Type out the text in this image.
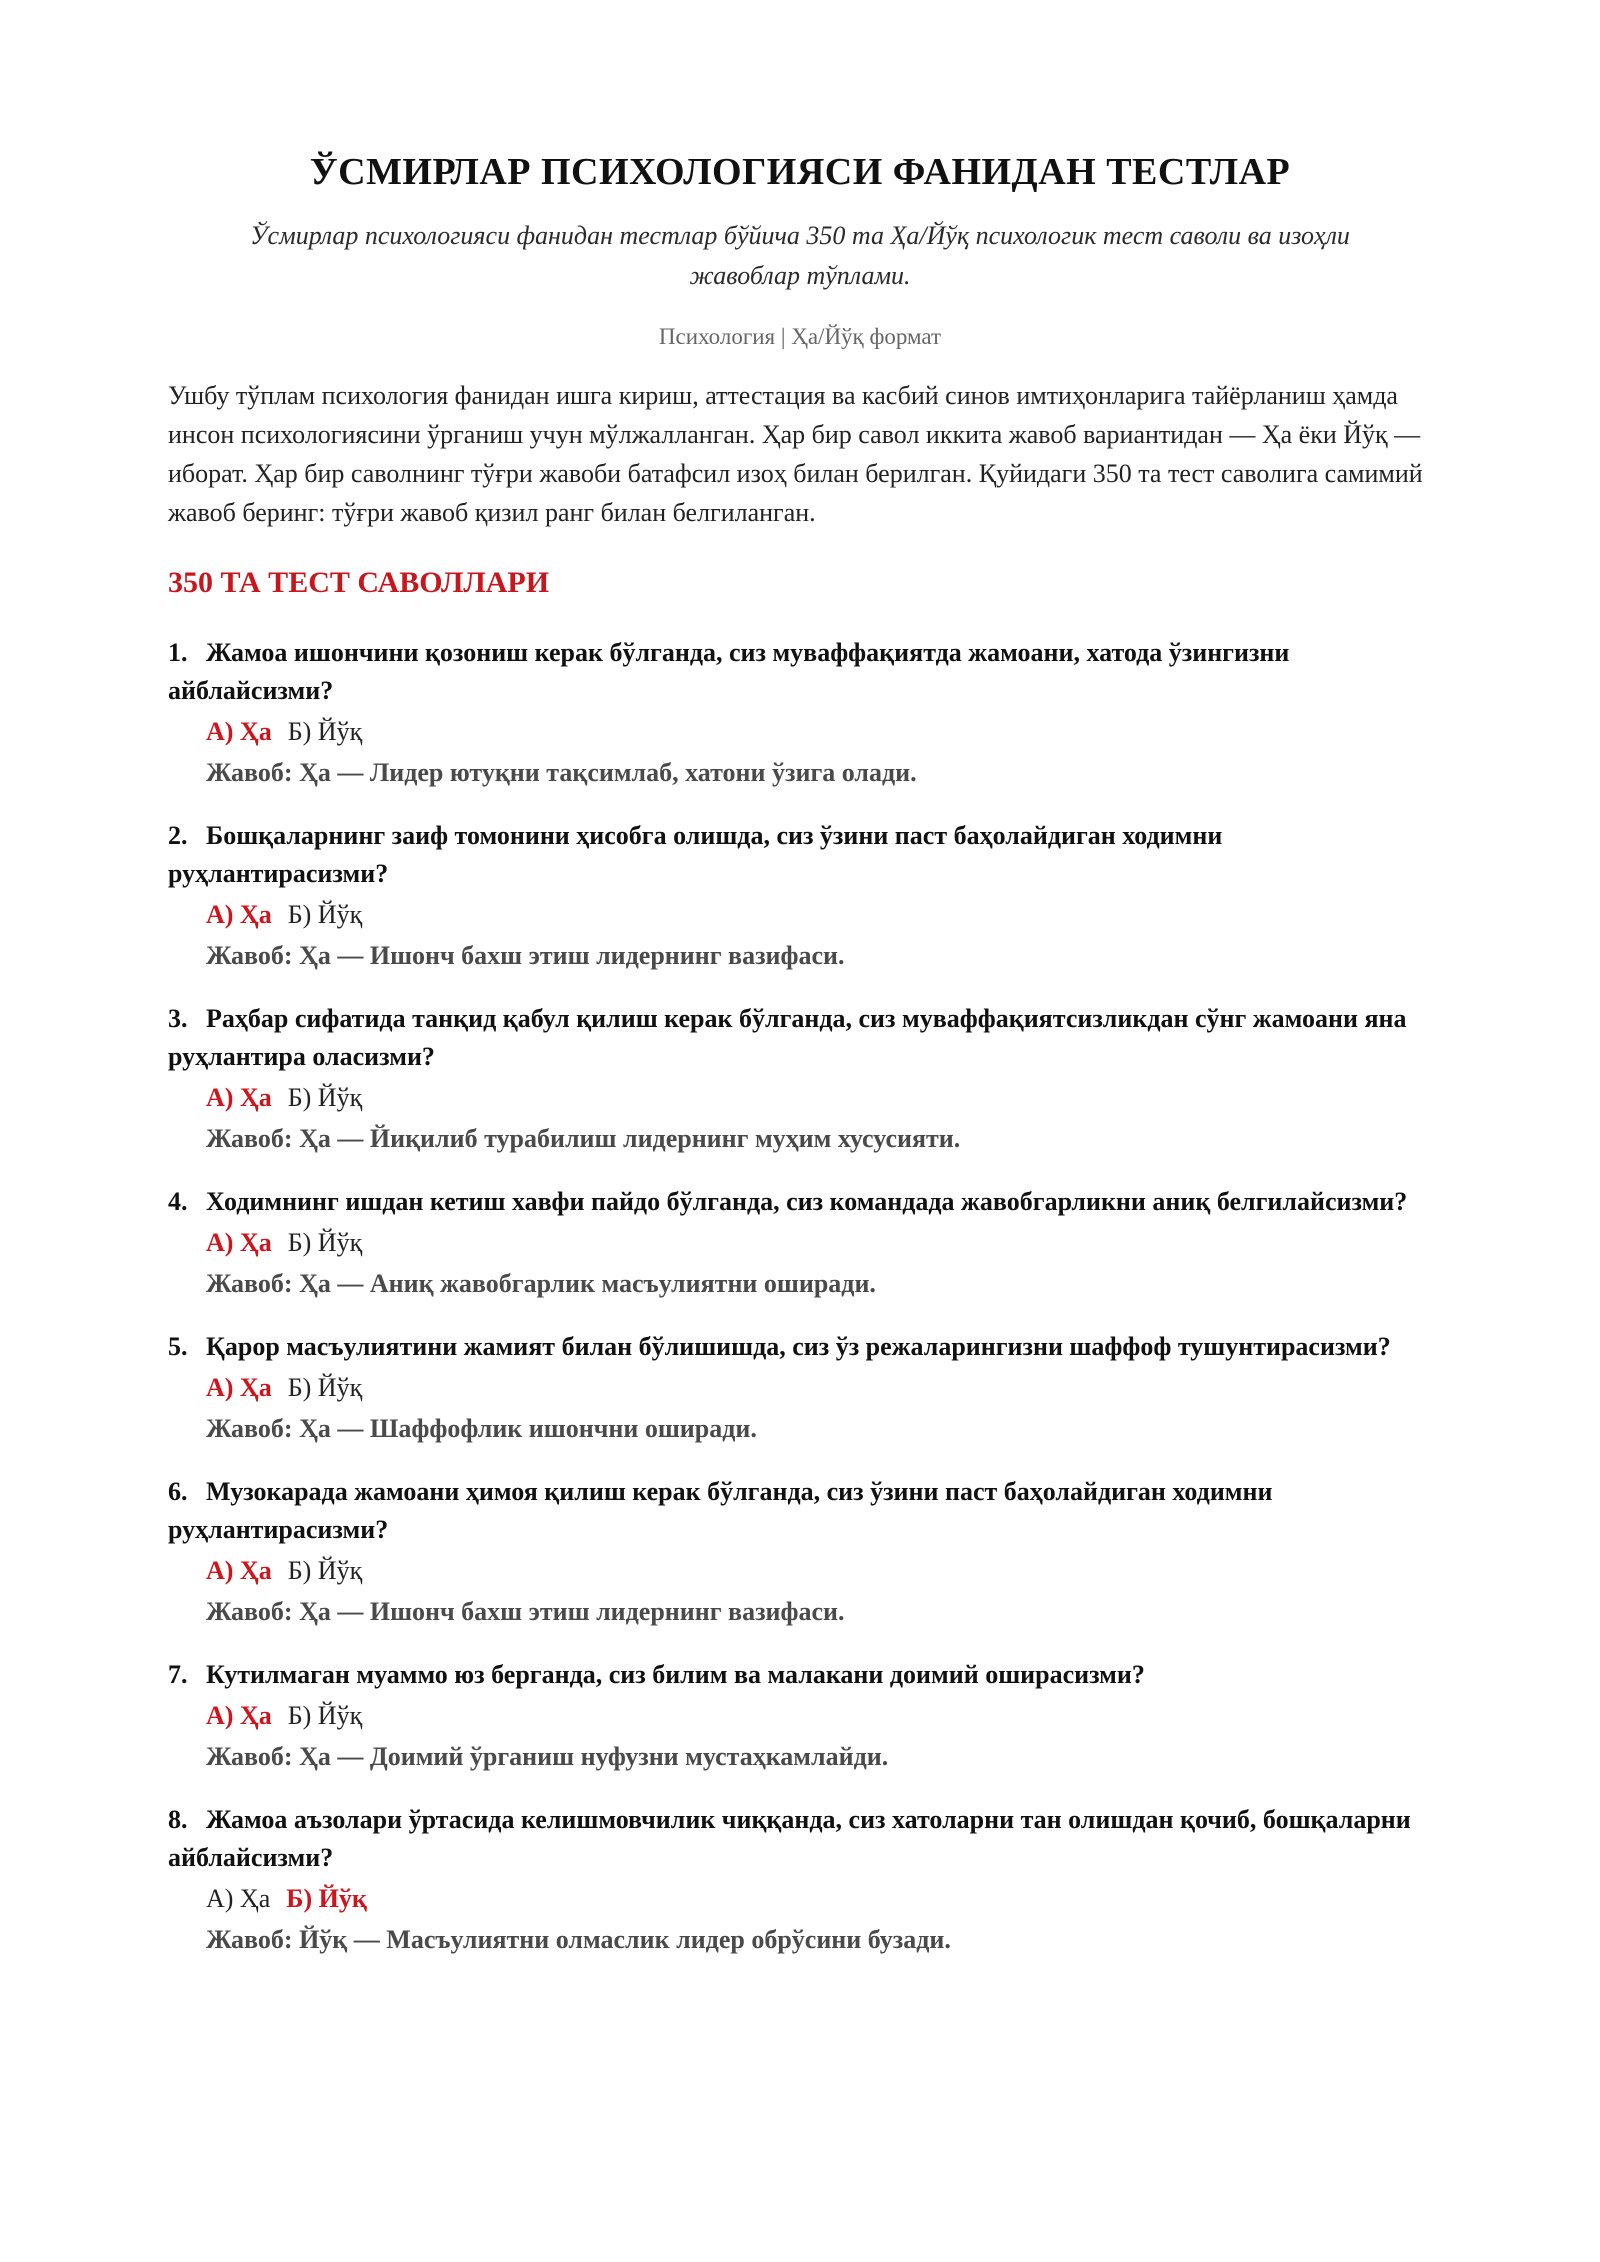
ЎСМИРЛАР ПСИХОЛОГИЯСИ ФАНИДАН ТЕСТЛАР
Ўсмирлар психологияси фанидан тестлар бўйича 350 та Ҳа/Йўқ психологик тест саволи ва изоҳли жавоблар тўплами.
Психология | Ҳа/Йўқ формат
Ушбу тўплам психология фанидан ишга кириш, аттестация ва касбий синов имтиҳонларига тайёрланиш ҳамда инсон психологиясини ўрганиш учун мўлжалланган. Ҳар бир савол иккита жавоб вариантидан — Ҳа ёки Йўқ — иборат. Ҳар бир саволнинг тўғри жавоби батафсил изоҳ билан берилган. Қуйидаги 350 та тест саволига самимий жавоб беринг: тўғри жавоб қизил ранг билан белгиланган.
350 ТА ТЕСТ САВОЛЛАРИ
1. Жамоа ишончини қозониш керак бўлганда, сиз муваффақиятда жамоани, хатода ўзингизни айблайсизми?
А) Ҳа Б) Йўқ
Жавоб: Ҳа — Лидер ютуқни тақсимлаб, хатони ўзига олади.
2. Бошқаларнинг заиф томонини ҳисобга олишда, сиз ўзини паст баҳолайдиган ходимни руҳлантирасизми?
А) Ҳа Б) Йўқ
Жавоб: Ҳа — Ишонч бахш этиш лидернинг вазифаси.
3. Раҳбар сифатида танқид қабул қилиш керак бўлганда, сиз муваффақиятсизликдан сўнг жамоани яна руҳлантира оласизми?
А) Ҳа Б) Йўқ
Жавоб: Ҳа — Йиқилиб турабилиш лидернинг муҳим хусусияти.
4. Ходимнинг ишдан кетиш хавфи пайдо бўлганда, сиз командада жавобгарликни аниқ белгилайсизми?
А) Ҳа Б) Йўқ
Жавоб: Ҳа — Аниқ жавобгарлик масъулиятни оширади.
5. Қарор масъулиятини жамият билан бўлишишда, сиз ўз режаларингизни шаффоф тушунтирасизми?
А) Ҳа Б) Йўқ
Жавоб: Ҳа — Шаффофлик ишончни оширади.
6. Музокарада жамоани ҳимоя қилиш керак бўлганда, сиз ўзини паст баҳолайдиган ходимни руҳлантирасизми?
А) Ҳа Б) Йўқ
Жавоб: Ҳа — Ишонч бахш этиш лидернинг вазифаси.
7. Кутилмаган муаммо юз берганда, сиз билим ва малакани доимий оширасизми?
А) Ҳа Б) Йўқ
Жавоб: Ҳа — Доимий ўрганиш нуфузни мустаҳкамлайди.
8. Жамоа аъзолари ўртасида келишмовчилик чиққанда, сиз хатоларни тан олишдан қочиб, бошқаларни айблайсизми?
А) Ҳа Б) Йўқ
Жавоб: Йўқ — Масъулиятни олмаслик лидер обрўсини бузади.
